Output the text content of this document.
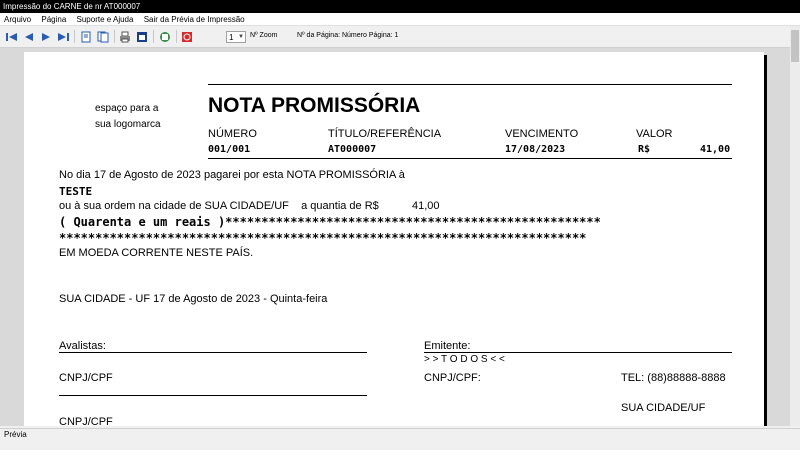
Impressão do CARNE de nr AT000007
Arquivo Página Suporte e Ajuda Sair da Prévia de Impressão
1 ▼ Nº Zoom	Nº da Página: Número Página: 1
espaço para a
sua logomarca
NOTA PROMISSÓRIA
NÚMERO	TÍTULO/REFERÊNCIA	VENCIMENTO	VALOR
001/001	AT000007	17/08/2023	R$	41,00
No dia 17 de Agosto de 2023 pagarei por esta NOTA PROMISSÓRIA à
TESTE
ou à sua ordem na cidade de SUA CIDADE/UF    a quantia de R$	41,00
( Quarenta e um reais )****************************************************
*************************************************************************
EM MOEDA CORRENTE NESTE PAÍS.
SUA CIDADE - UF 17 de Agosto de 2023 - Quinta-feira
Avalistas:	Emitente:
> > T O D O S < <
CNPJ/CPF	CNPJ/CPF:	TEL: (88)88888-8888
SUA CIDADE/UF
CNPJ/CPF
Prévia
